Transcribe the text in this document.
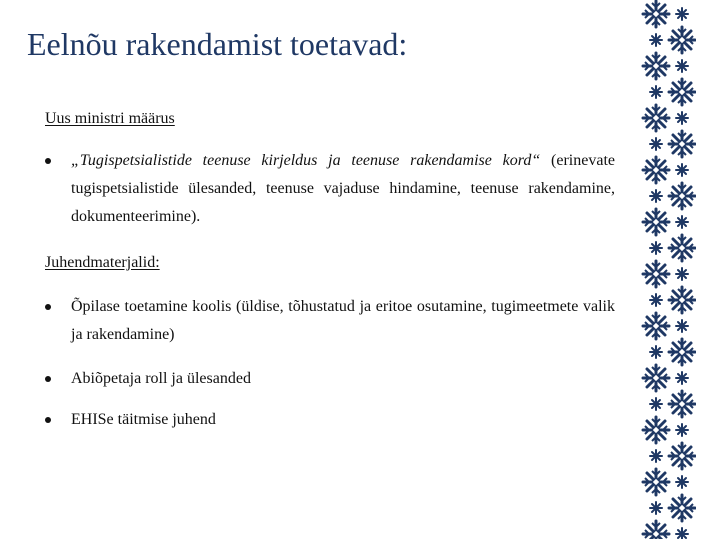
Eelnõu rakendamist toetavad:
Uus ministri määrus

„Tugispetsialistide teenuse kirjeldus ja teenuse rakendamise kord“ (erinevate tugispetsialistide ülesanded, teenuse vajaduse hindamine, teenuse rakendamine, dokumenteerimine).

Juhendmaterjalid:

Õpilase toetamine koolis (üldise, tõhustatud ja eritoe osutamine, tugimeetmete valik ja rakendamine)

Abiõpetaja roll ja ülesanded

EHISe täitmise juhend
